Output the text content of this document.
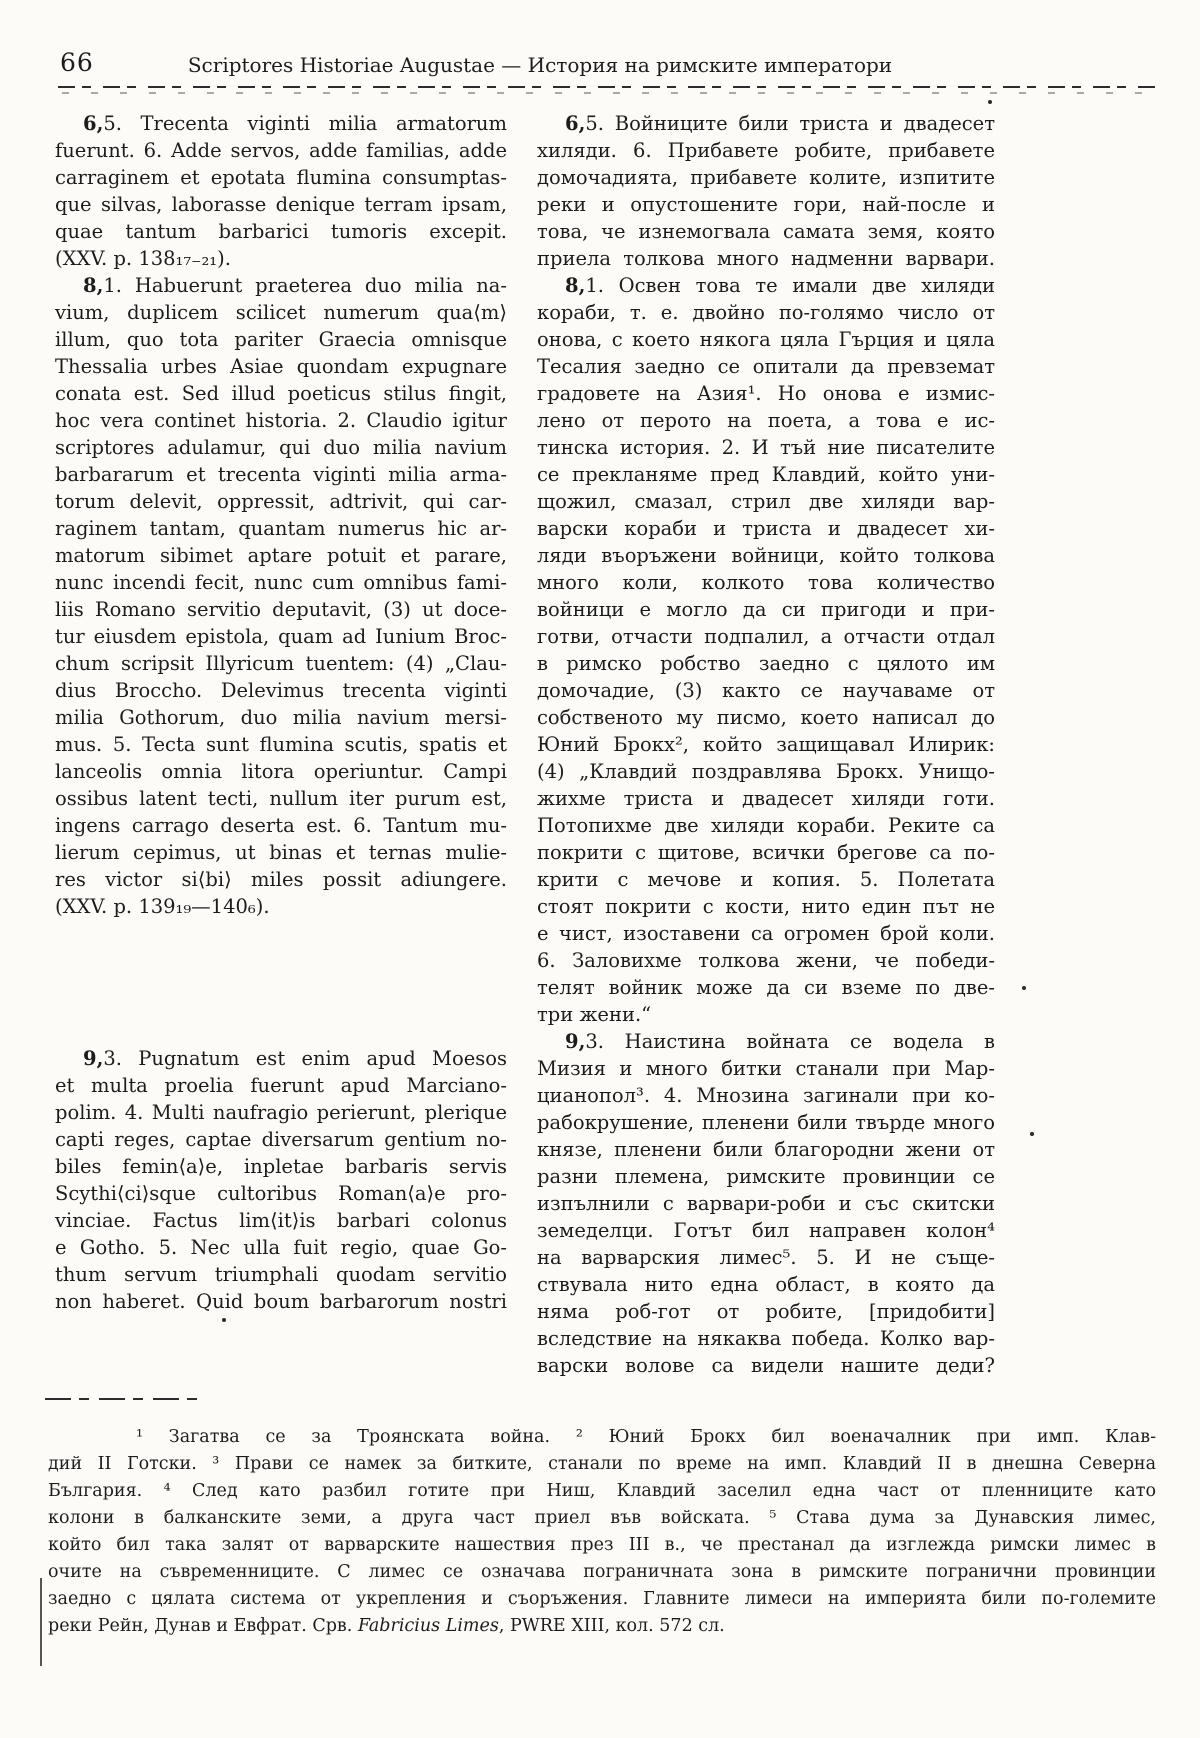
66	Scriptores Historiae Augustae — История на римските императори
6,5. Trecenta viginti milia armatorum
fuerunt. 6. Adde servos, adde familias, adde
carraginem et epotata flumina consumptas-
que silvas, laborasse denique terram ipsam,
quae tantum barbarici tumoris excepit.
(XXV. p. 138₁₇₋₂₁).
8,1. Habuerunt praeterea duo milia na-
vium, duplicem scilicet numerum qua⟨m⟩
illum, quo tota pariter Graecia omnisque
Thessalia urbes Asiae quondam expugnare
conata est. Sed illud poeticus stilus fingit,
hoc vera continet historia. 2. Claudio igitur
scriptores adulamur, qui duo milia navium
barbararum et trecenta viginti milia arma-
torum delevit, oppressit, adtrivit, qui car-
raginem tantam, quantam numerus hic ar-
matorum sibimet aptare potuit et parare,
nunc incendi fecit, nunc cum omnibus fami-
liis Romano servitio deputavit, (3) ut doce-
tur eiusdem epistola, quam ad Iunium Broc-
chum scripsit Illyricum tuentem: (4) „Clau-
dius Broccho. Delevimus trecenta viginti
milia Gothorum, duo milia navium mersi-
mus. 5. Tecta sunt flumina scutis, spatis et
lanceolis omnia litora operiuntur. Campi
ossibus latent tecti, nullum iter purum est,
ingens carrago deserta est. 6. Tantum mu-
lierum cepimus, ut binas et ternas mulie-
res victor si⟨bi⟩ miles possit adiungere.
(XXV. p. 139₁₉—140₆).
9,3. Pugnatum est enim apud Moesos
et multa proelia fuerunt apud Marciano-
polim. 4. Multi naufragio perierunt, plerique
capti reges, captae diversarum gentium no-
biles femin⟨a⟩e, inpletae barbaris servis
Scythi⟨ci⟩sque cultoribus Roman⟨a⟩e pro-
vinciae. Factus lim⟨it⟩is barbari colonus
e Gotho. 5. Nec ulla fuit regio, quae Go-
thum servum triumphali quodam servitio
non haberet. Quid boum barbarorum nostri
6,5. Войниците били триста и двадесет
хиляди. 6. Прибавете робите, прибавете
домочадията, прибавете колите, изпитите
реки и опустошените гори, най-после и
това, че изнемогвала самата земя, която
приела толкова много надменни варвари.
8,1. Освен това те имали две хиляди
кораби, т. е. двойно по-голямо число от
онова, с което някога цяла Гърция и цяла
Тесалия заедно се опитали да превземат
градовете на Азия¹. Но онова е измис-
лено от перото на поета, а това е ис-
тинска история. 2. И тъй ние писателите
се прекланяме пред Клавдий, който уни-
щожил, смазал, стрил две хиляди вар-
варски кораби и триста и двадесет хи-
ляди въоръжени войници, който толкова
много коли, колкото това количество
войници е могло да си пригоди и при-
готви, отчасти подпалил, а отчасти отдал
в римско робство заедно с цялото им
домочадие, (3) както се научаваме от
собственото му писмо, което написал до
Юний Брокх², който защищавал Илирик:
(4) „Клавдий поздравлява Брокх. Унищо-
жихме триста и двадесет хиляди готи.
Потопихме две хиляди кораби. Реките са
покрити с щитове, всички брегове са по-
крити с мечове и копия. 5. Полетата
стоят покрити с кости, нито един път не
е чист, изоставени са огромен брой коли.
6. Заловихме толкова жени, че победи-
телят войник може да си вземе по две-
три жени.“
9,3. Наистина войната се водела в
Мизия и много битки станали при Мар-
цианопол³. 4. Мнозина загинали при ко-
рабокрушение, пленени били твърде много
князе, пленени били благородни жени от
разни племена, римските провинции се
изпълнили с варвари-роби и със скитски
земеделци. Готът бил направен колон⁴
на варварския лимес⁵. 5. И не съще-
ствувала нито една област, в която да
няма роб-гот от робите, [придобити]
вследствие на някаква победа. Колко вар-
варски волове са видели нашите деди?
¹ Загатва се за Троянската война. ² Юний Брокх бил военачалник при имп. Клав-
дий II Готски. ³ Прави се намек за битките, станали по време на имп. Клавдий II в днешна Северна
България. ⁴ След като разбил готите при Ниш, Клавдий заселил една част от пленниците като
колони в балканските земи, а друга част приел във войската. ⁵ Става дума за Дунавския лимес,
който бил така залят от варварските нашествия през III в., че престанал да изглежда римски лимес в
очите на съвременниците. С лимес се означава пограничната зона в римските погранични провинции
заедно с цялата система от укрепления и съоръжения. Главните лимеси на империята били по-големите
реки Рейн, Дунав и Евфрат. Срв. Fabricius Limes, PWRE XIII, кол. 572 сл.
